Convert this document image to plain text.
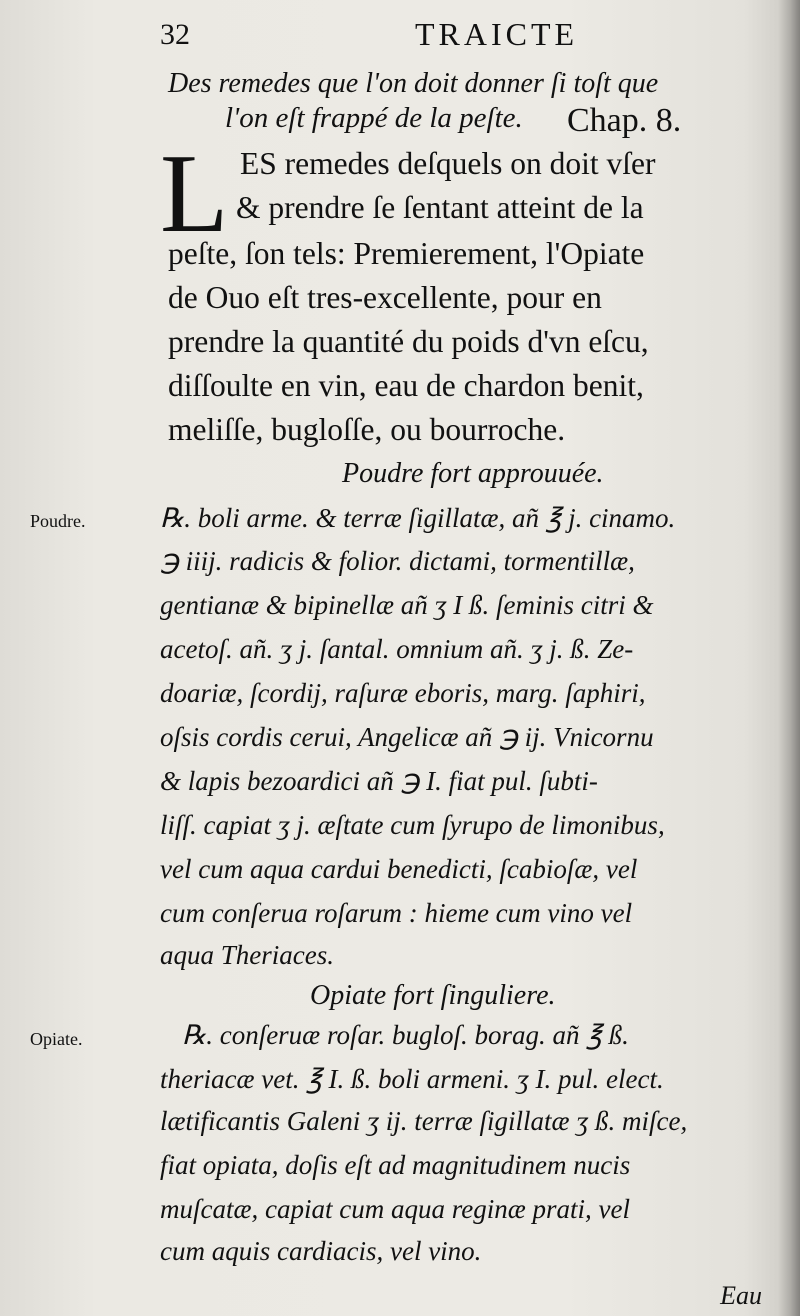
32	TRAICTE
Des remedes que l'on doit donner ſi toſt que
l'on eſt frappé de la peſte. Chap. 8.
L ES remedes deſquels on doit vſer
& prendre ſe ſentant atteint de la
peſte, ſon tels: Premierement, l'Opiate
de Ouo eſt tres-excellente, pour en
prendre la quantité du poids d'vn eſcu,
diſſoulte en vin, eau de chardon benit,
meliſſe, bugloſſe, ou bourroche.
Poudre fort approuuée.
Poudre.	℞. boli arme. & terræ ſigillatæ, añ ℥ j. cinamo.
℈ iiij. radicis & folior. dictami, tormentillæ,
gentianæ & bipinellæ añ ʒ I ß. ſeminis citri &
acetoſ. añ. ʒ j. ſantal. omnium añ. ʒ j. ß. Ze-
doariæ, ſcordij, raſuræ eboris, marg. ſaphiri,
oſsis cordis cerui, Angelicæ añ ℈ ij. Vnicornu
& lapis bezoardici añ ℈ I. fiat pul. ſubti-
liſſ. capiat ʒ j. æſtate cum ſyrupo de limonibus,
vel cum aqua cardui benedicti, ſcabioſæ, vel
cum conſerua roſarum : hieme cum vino vel
aqua Theriaces.
Opiate fort ſinguliere.
Opiate.	℞. conſeruæ roſar. bugloſ. borag. añ ℥ ß.
theriacæ vet. ℥ I. ß. boli armeni. ʒ I. pul. elect.
lætificantis Galeni ʒ ij. terræ ſigillatæ ʒ ß. miſce,
fiat opiata, doſis eſt ad magnitudinem nucis
muſcatæ, capiat cum aqua reginæ prati, vel
cum aquis cardiacis, vel vino.
Eau
